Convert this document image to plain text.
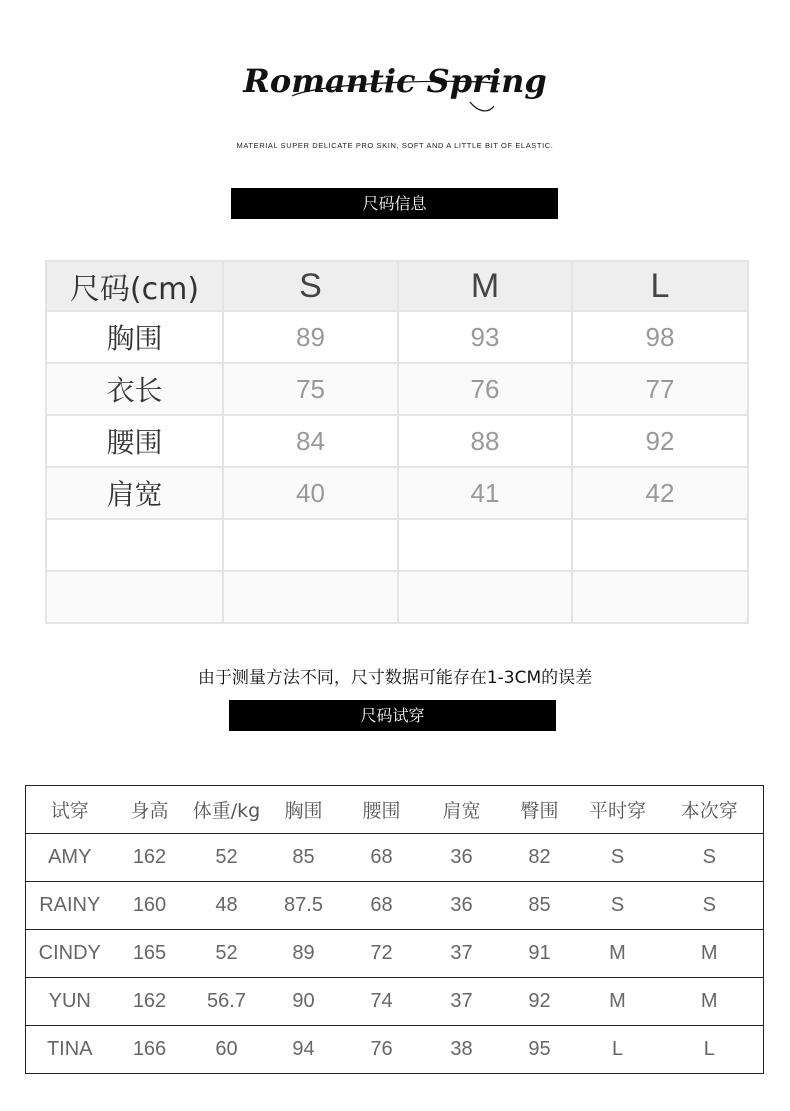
Romantic Spring
MATERIAL SUPER DELICATE PRO SKIN, SOFT AND A LITTLE BIT OF ELASTIC.
尺码信息
尺码(cm)	S	M	L
胸围	89	93	98
衣长	75	76	77
腰围	84	88	92
肩宽	40	41	42

由于测量方法不同，尺寸数据可能存在1-3CM的误差
尺码试穿
试穿	身高	体重/kg	胸围	腰围	肩宽	臀围	平时穿	本次穿
AMY	162	52	85	68	36	82	S	S
RAINY	160	48	87.5	68	36	85	S	S
CINDY	165	52	89	72	37	91	M	M
YUN	162	56.7	90	74	37	92	M	M
TINA	166	60	94	76	38	95	L	L
